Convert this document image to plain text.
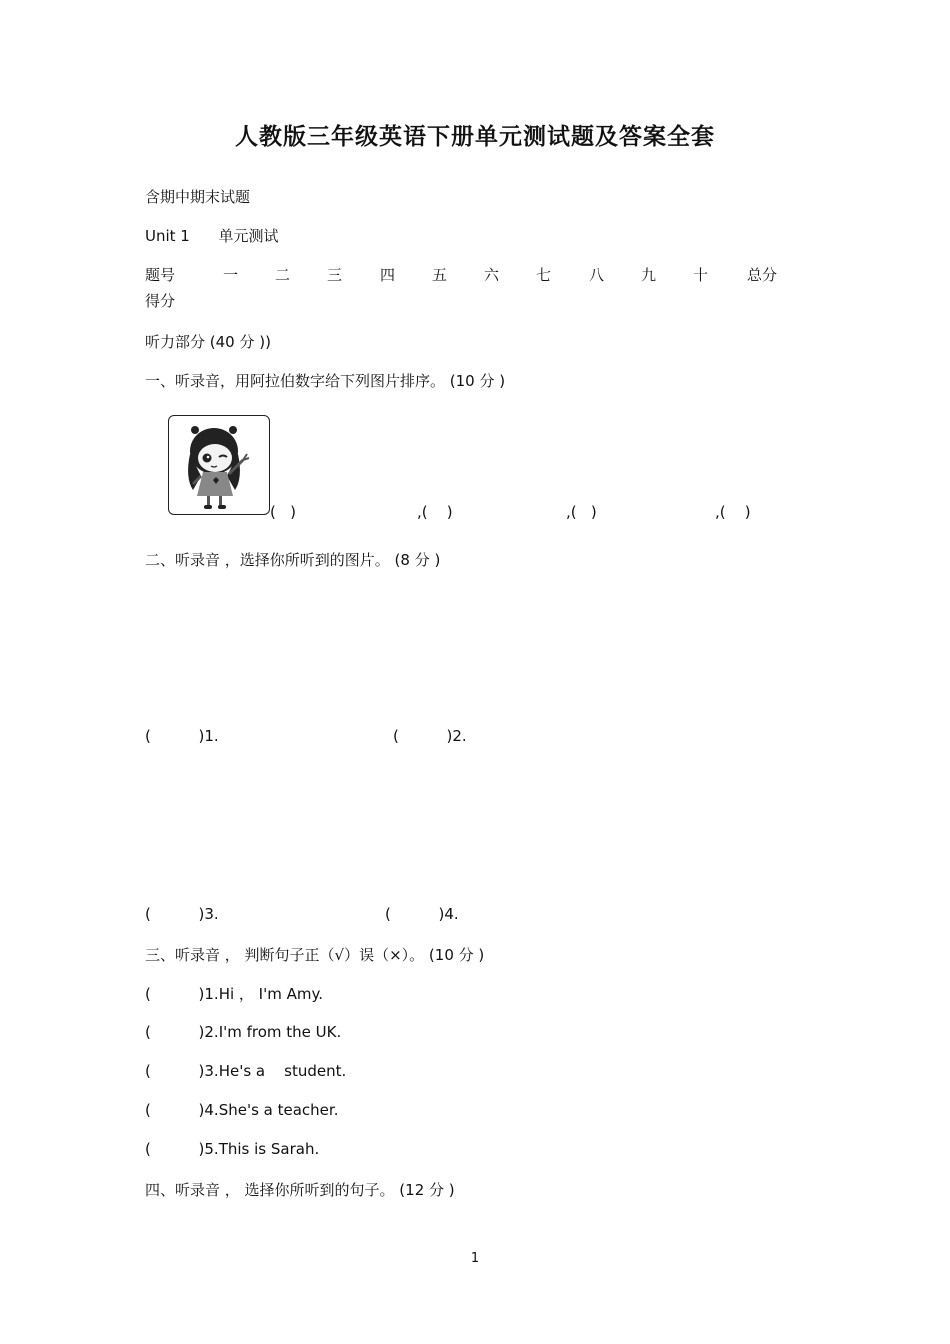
人教版三年级英语下册单元测试题及答案全套
含期中期末试题
Unit 1      单元测试
题号	一 二 三	四 五 六 七	八 九 十	总分
得分
听力部分 (40 分 ))
一、听录音，用阿拉伯数字给下列图片排序。 (10 分 )
(   )	,(    )	,(   )	,(    )
二、听录音 ，选择你所听到的图片。 (8 分 )
(          )1.	(          )2.
(          )3.	(          )4.
三、听录音 ， 判断句子正（√）误（×）。 (10 分 )
(          )1.Hi ， I'm Amy.
(          )2.I'm from the UK.
(          )3.He's a    student.
(          )4.She's a teacher.
(          )5.This is Sarah.
四、听录音 ， 选择你所听到的句子。 (12 分 )
1
